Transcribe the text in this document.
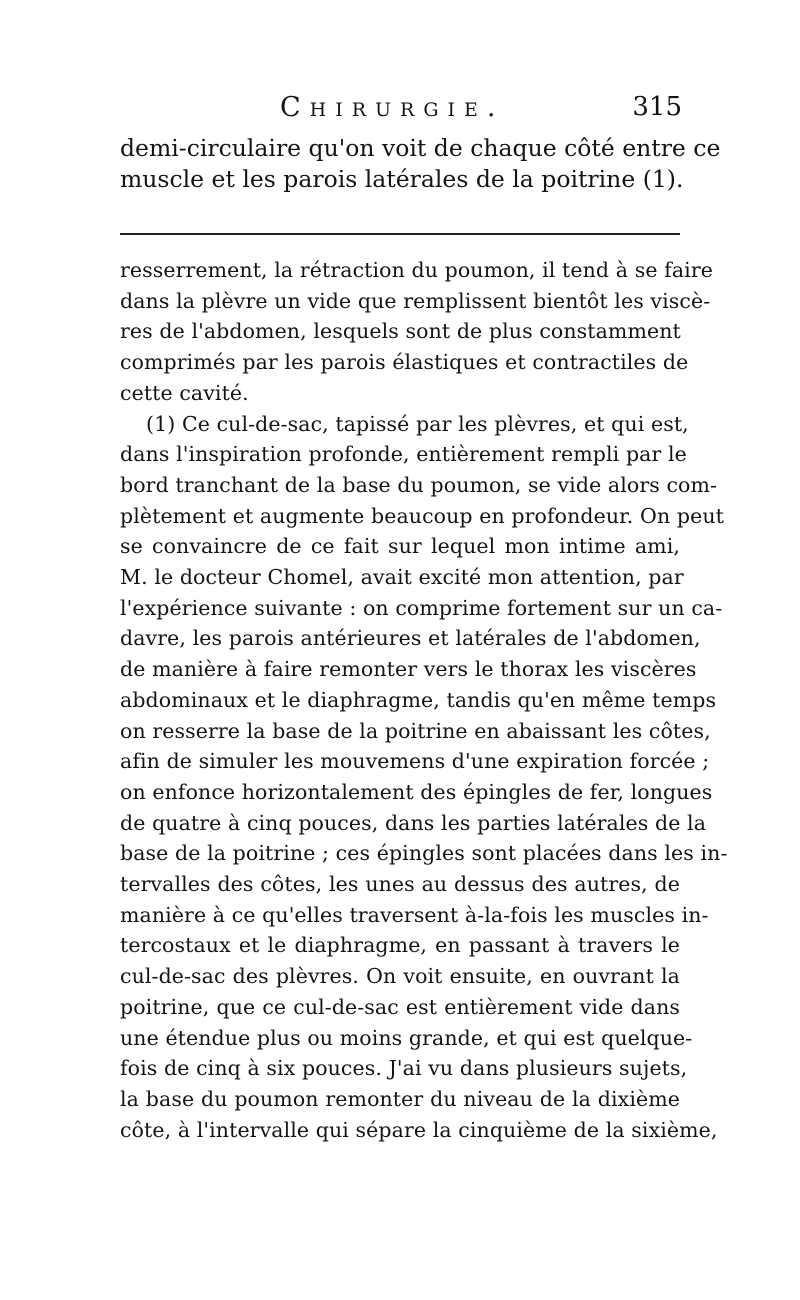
Chirurgie.	315
demi-circulaire qu'on voit de chaque côté entre ce
muscle et les parois latérales de la poitrine (1).
resserrement, la rétraction du poumon, il tend à se faire
dans la plèvre un vide que remplissent bientôt les viscè-
res de l'abdomen, lesquels sont de plus constamment
comprimés par les parois élastiques et contractiles de
cette cavité.
(1) Ce cul-de-sac, tapissé par les plèvres, et qui est,
dans l'inspiration profonde, entièrement rempli par le
bord tranchant de la base du poumon, se vide alors com-
plètement et augmente beaucoup en profondeur. On peut
se convaincre de ce fait sur lequel mon intime ami,
M. le docteur Chomel, avait excité mon attention, par
l'expérience suivante : on comprime fortement sur un ca-
davre, les parois antérieures et latérales de l'abdomen,
de manière à faire remonter vers le thorax les viscères
abdominaux et le diaphragme, tandis qu'en même temps
on resserre la base de la poitrine en abaissant les côtes,
afin de simuler les mouvemens d'une expiration forcée ;
on enfonce horizontalement des épingles de fer, longues
de quatre à cinq pouces, dans les parties latérales de la
base de la poitrine ; ces épingles sont placées dans les in-
tervalles des côtes, les unes au dessus des autres, de
manière à ce qu'elles traversent à-la-fois les muscles in-
tercostaux et le diaphragme, en passant à travers le
cul-de-sac des plèvres. On voit ensuite, en ouvrant la
poitrine, que ce cul-de-sac est entièrement vide dans
une étendue plus ou moins grande, et qui est quelque-
fois de cinq à six pouces. J'ai vu dans plusieurs sujets,
la base du poumon remonter du niveau de la dixième
côte, à l'intervalle qui sépare la cinquième de la sixième,
